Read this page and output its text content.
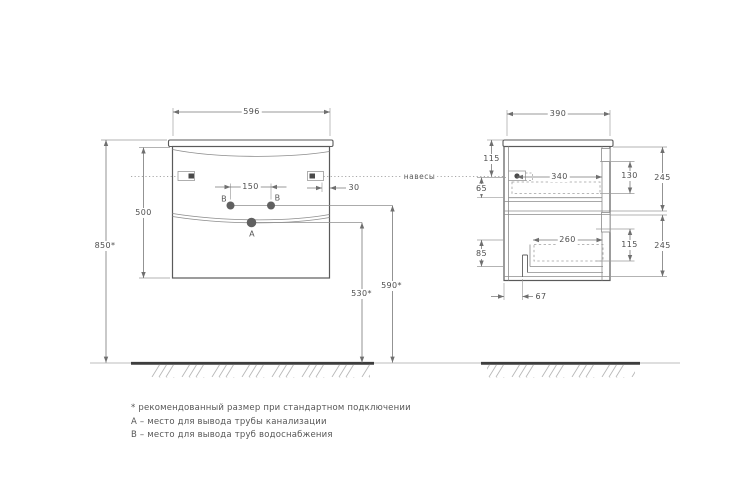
596
500
850*
150	30
530*
590*
B	B
A
390
115
65
85
340
260
130 245
115 245
67
навесы
* рекомендованный размер при стандартном подключении
А – место для вывода трубы канализации
B – место для вывода труб водоснабжения
